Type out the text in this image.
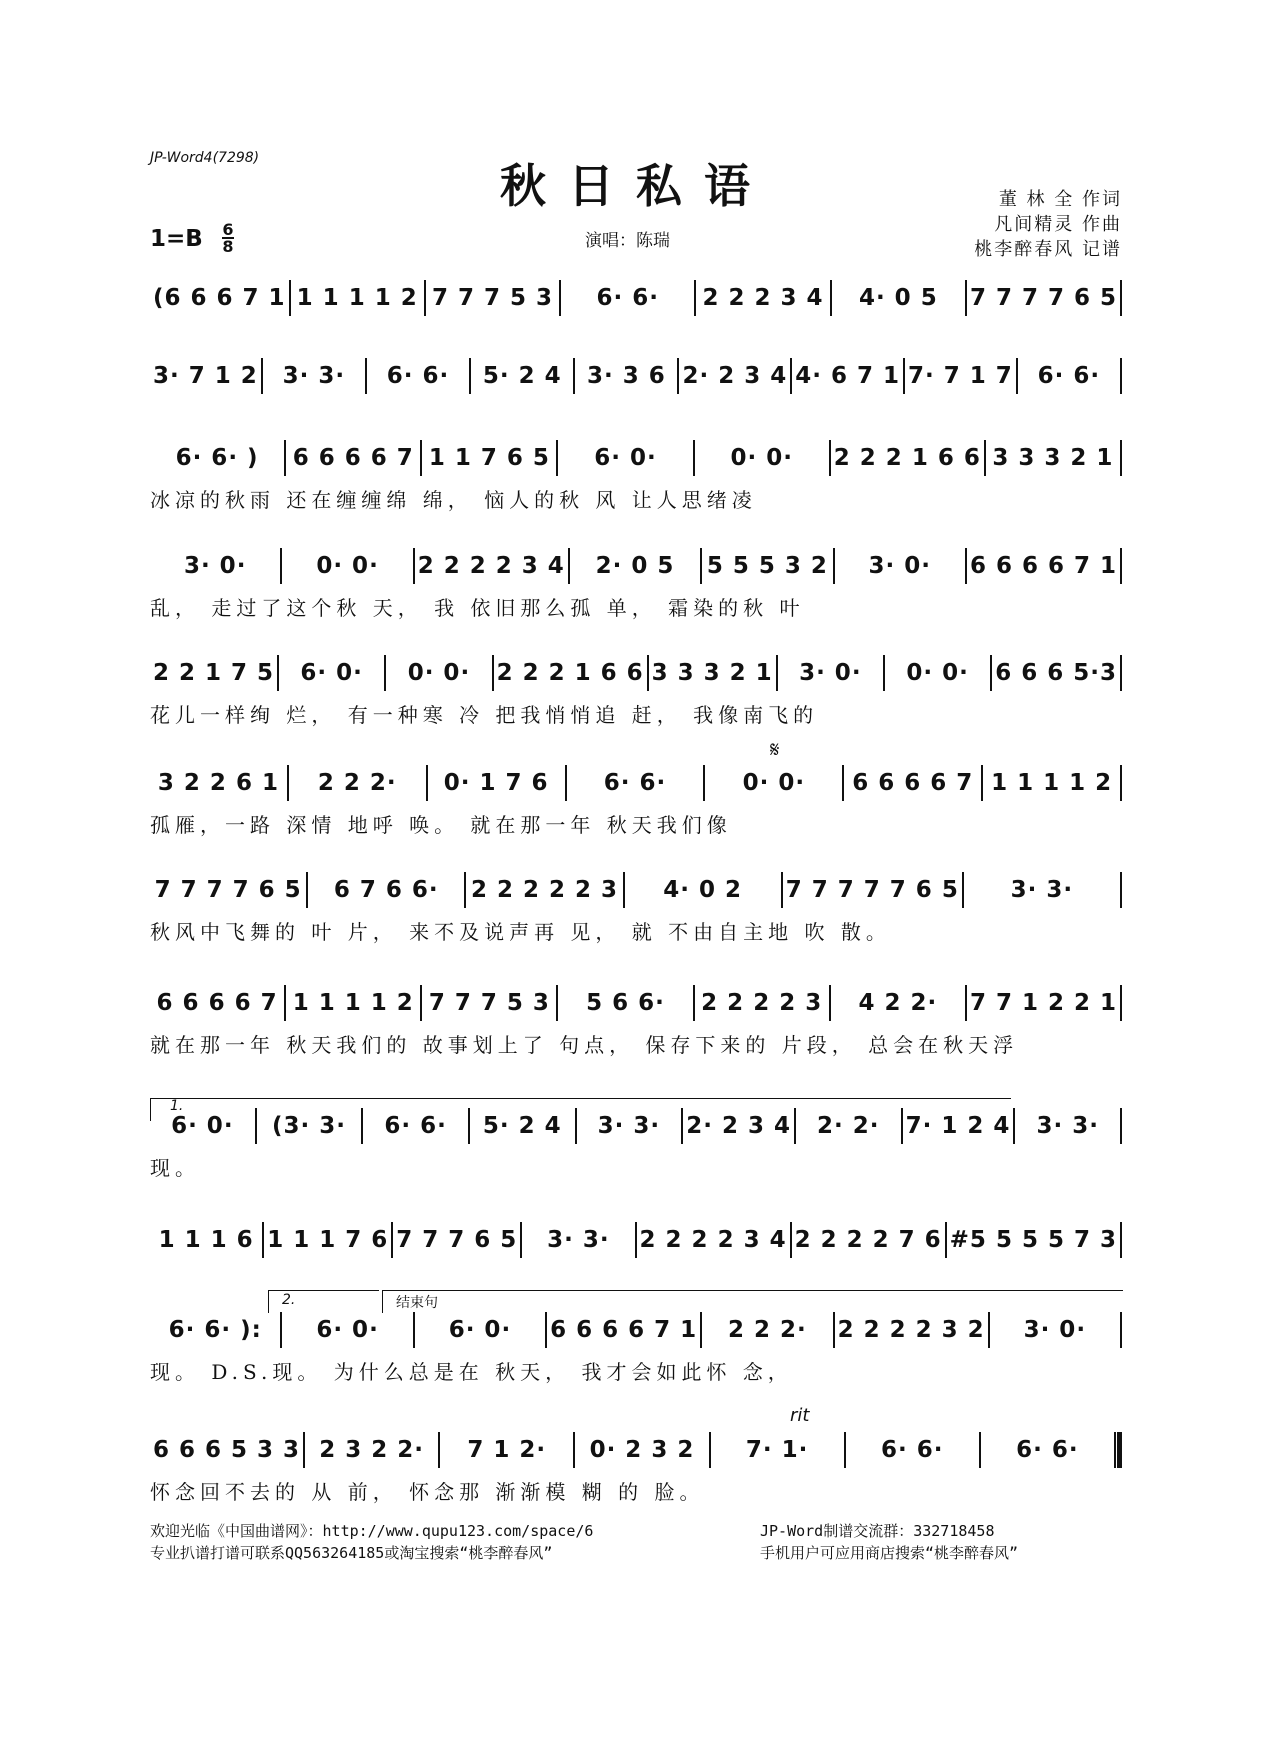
JP-Word4(7298)
秋日私语
1=B 6
8	演唱：陈瑞
董 林 全 作词
凡间精灵 作曲
桃李醉春风 记谱
(6 6 6 7 1 1 1 1 1 2 7 7 7 5 3	6· 6·	2 2 2 3 4	4· 0 5	7 7 7 7 6 5
3· 7 1 2	3· 3·	6· 6·	5· 2 4	3· 3 6 2· 2 3 4 4· 6 7 1 7· 7 1 7	6· 6·
6· 6· )	6 6 6 6 7 1 1 7 6 5	6· 0·	0· 0·	2 2 2 1 6 6 3 3 3 2 1
冰凉的秋雨 还在缠缠绵 绵， 恼人的秋 风 让人思绪凌
3· 0·	0· 0·	2 2 2 2 3 4	2· 0 5	5 5 5 3 2	3· 0·	6 6 6 6 7 1
乱， 走过了这个秋 天， 我 依旧那么孤 单， 霜染的秋 叶
2 2 1 7 5	6· 0·	0· 0·	2 2 2 1 6 6 3 3 3 2 1	3· 0·	0· 0·	6 6 6 5·3
花儿一样绚 烂， 有一种寒 冷 把我悄悄追 赶， 我像南飞的
3 2 2 6 1	2 2 2·	0· 1 7 6	6· 6·	0· 0·	6 6 6 6 7 1 1 1 1 2
孤雁，一路 深情 地呼 唤。 就在那一年 秋天我们像
7 7 7 7 6 5	6 7 6 6·	2 2 2 2 2 3	4· 0 2	7 7 7 7 7 6 5	3· 3·
秋风中飞舞的 叶 片， 来不及说声再 见， 就 不由自主地 吹 散。
6 6 6 6 7 1 1 1 1 2 7 7 7 5 3	5 6 6·	2 2 2 2 3	4 2 2·	7 7 1 2 2 1
就在那一年 秋天我们的 故事划上了 句点， 保存下来的 片段， 总会在秋天浮
6· 0·	(3· 3·	6· 6·	5· 2 4	3· 3·	2· 2 3 4	2· 2·	7· 1 2 4	3· 3·
现。
1 1 1 6 1 1 1 7 6 7 7 7 6 5	3· 3·	2 2 2 2 3 4 2 2 2 2 7 6 #5 5 5 5 7 3
6· 6· ):	6· 0·	6· 0·	6 6 6 6 7 1	2 2 2·	2 2 2 2 3 2	3· 0·
现。 D.S.现。 为什么总是在 秋天， 我才会如此怀 念，
6 6 6 5 3 3 2 3 2 2·	7 1 2·	0· 2 3 2	7· 1·	6· 6·	6· 6·
怀念回不去的 从 前， 怀念那 渐渐模 糊 的 脸。
1.
2.	结束句
𝄋
rit
欢迎光临《中国曲谱网》：http://www.qupu123.com/space/6
专业扒谱打谱可联系QQ563264185或淘宝搜索“桃李醉春风”
JP-Word制谱交流群：332718458
手机用户可应用商店搜索“桃李醉春风”
